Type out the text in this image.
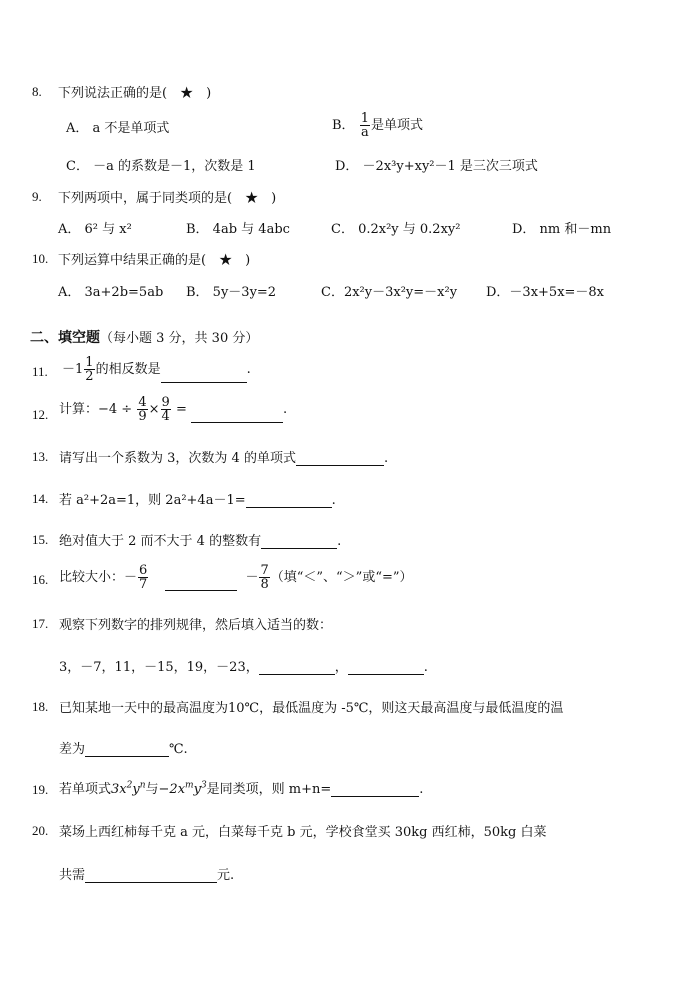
8. 下列说法正确的是(　★　)
A． a 不是单项式	B． $\frac{1}{a}$ 是单项式
C． －a 的系数是－1，次数是 1	D． －2x³y+xy²－1 是三次三项式
9. 下列两项中，属于同类项的是(　★　)
A． 6² 与 x²	B． 4ab 与 4abc	C． 0.2x²y 与 0.2xy²	D． nm 和－mn
10. 下列运算中结果正确的是(　★　)
A． 3a+2b=5ab B． 5y－3y=2	C．2x²y－3x²y=－x²y D．－3x+5x=－8x
二、填空题（每小题 3 分，共 30 分）
11. $-1 \frac{1}{2}$ 的相反数是	.
12. 计算：$-4 \div \frac{4}{9} \times \frac{9}{4}$ =	.
13. 请写出一个系数为 3，次数为 4 的单项式	.
14. 若 a²+2a=1，则 2a²+4a－1=	.
15. 绝对值大于 2 而不大于 4 的整数有	.
16. 比较大小：－ $\frac{6}{7}$	－ $\frac{7}{8}$ （填“＜”、“＞”或“=”）
17. 观察下列数字的排列规律，然后填入适当的数：
3，－7，11，－15，19，－23，	，	.
18. 已知某地一天中的最高温度为10℃，最低温度为 -5℃，则这天最高温度与最低温度的温
差为	℃.
19. 若单项式$3x^2y^n$与$-2x^my^3$是同类项，则 m+n=	.
20. 菜场上西红柿每千克 a 元，白菜每千克 b 元，学校食堂买 30kg 西红柿，50kg 白菜
共需	元.
